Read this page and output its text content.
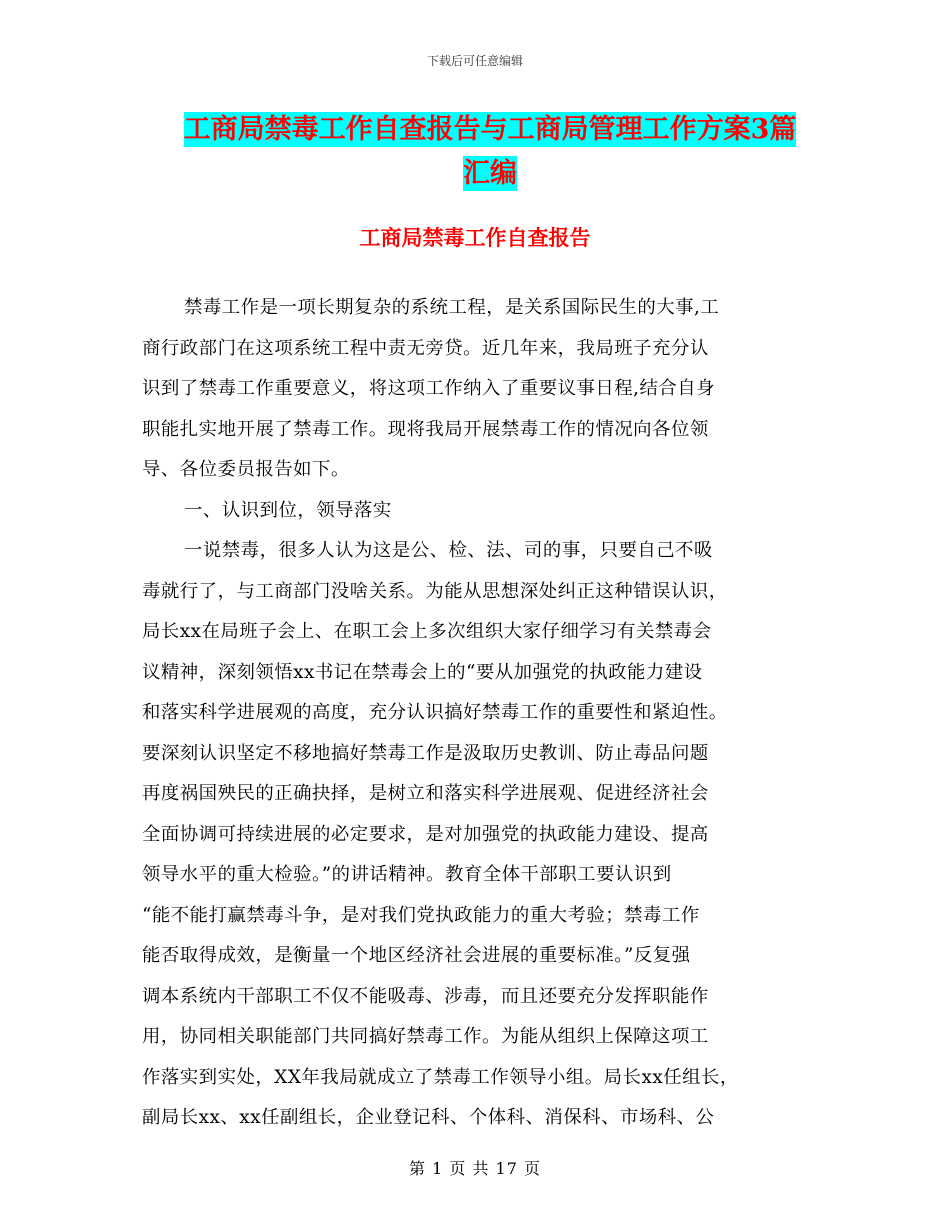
下载后可任意编辑
工商局禁毒工作自查报告与工商局管理工作方案3篇
汇编
工商局禁毒工作自查报告

禁毒工作是一项长期复杂的系统工程，是关系国际民生的大事,工
商行政部门在这项系统工程中责无旁贷。近几年来，我局班子充分认
识到了禁毒工作重要意义，将这项工作纳入了重要议事日程,结合自身
职能扎实地开展了禁毒工作。现将我局开展禁毒工作的情况向各位领
导、各位委员报告如下。

一、认识到位，领导落实

一说禁毒，很多人认为这是公、检、法、司的事，只要自己不吸
毒就行了，与工商部门没啥关系。为能从思想深处纠正这种错误认识，
局长xx在局班子会上、在职工会上多次组织大家仔细学习有关禁毒会
议精神，深刻领悟xx书记在禁毒会上的“要从加强党的执政能力建设
和落实科学进展观的高度，充分认识搞好禁毒工作的重要性和紧迫性。
要深刻认识坚定不移地搞好禁毒工作是汲取历史教训、防止毒品问题
再度祸国殃民的正确抉择，是树立和落实科学进展观、促进经济社会
全面协调可持续进展的必定要求，是对加强党的执政能力建设、提高
领导水平的重大检验。”的讲话精神。教育全体干部职工要认识到
“能不能打赢禁毒斗争，是对我们党执政能力的重大考验；禁毒工作
能否取得成效，是衡量一个地区经济社会进展的重要标准。”反复强
调本系统内干部职工不仅不能吸毒、涉毒，而且还要充分发挥职能作
用，协同相关职能部门共同搞好禁毒工作。为能从组织上保障这项工
作落实到实处，XX年我局就成立了禁毒工作领导小组。局长xx任组长，
副局长xx、xx任副组长，企业登记科、个体科、消保科、市场科、公

第 1 页 共 17 页
